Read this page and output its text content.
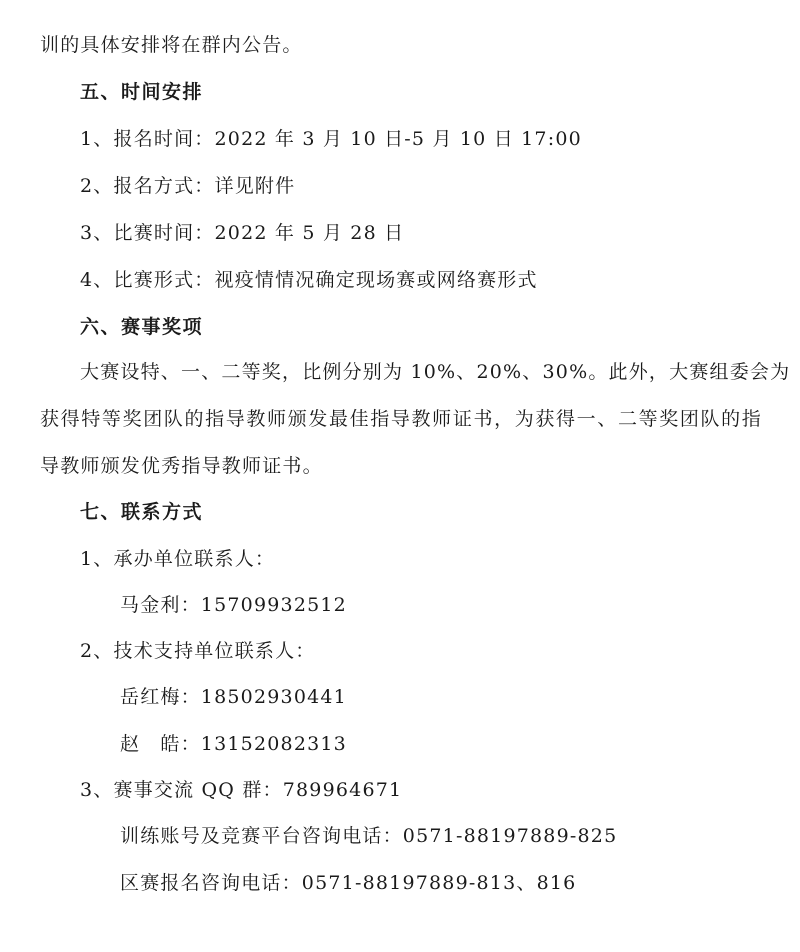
训的具体安排将在群内公告。
五、时间安排
1、报名时间：2022 年 3 月 10 日-5 月 10 日 17:00
2、报名方式：详见附件
3、比赛时间：2022 年 5 月 28 日
4、比赛形式：视疫情情况确定现场赛或网络赛形式
六、赛事奖项
大赛设特、一、二等奖，比例分别为 10%、20%、30%。此外，大赛组委会为
获得特等奖团队的指导教师颁发最佳指导教师证书，为获得一、二等奖团队的指
导教师颁发优秀指导教师证书。
七、联系方式
1、承办单位联系人：
马金利：15709932512
2、技术支持单位联系人：
岳红梅：18502930441
赵　皓：13152082313
3、赛事交流 QQ 群：789964671
训练账号及竞赛平台咨询电话：0571-88197889-825
区赛报名咨询电话：0571-88197889-813、816
